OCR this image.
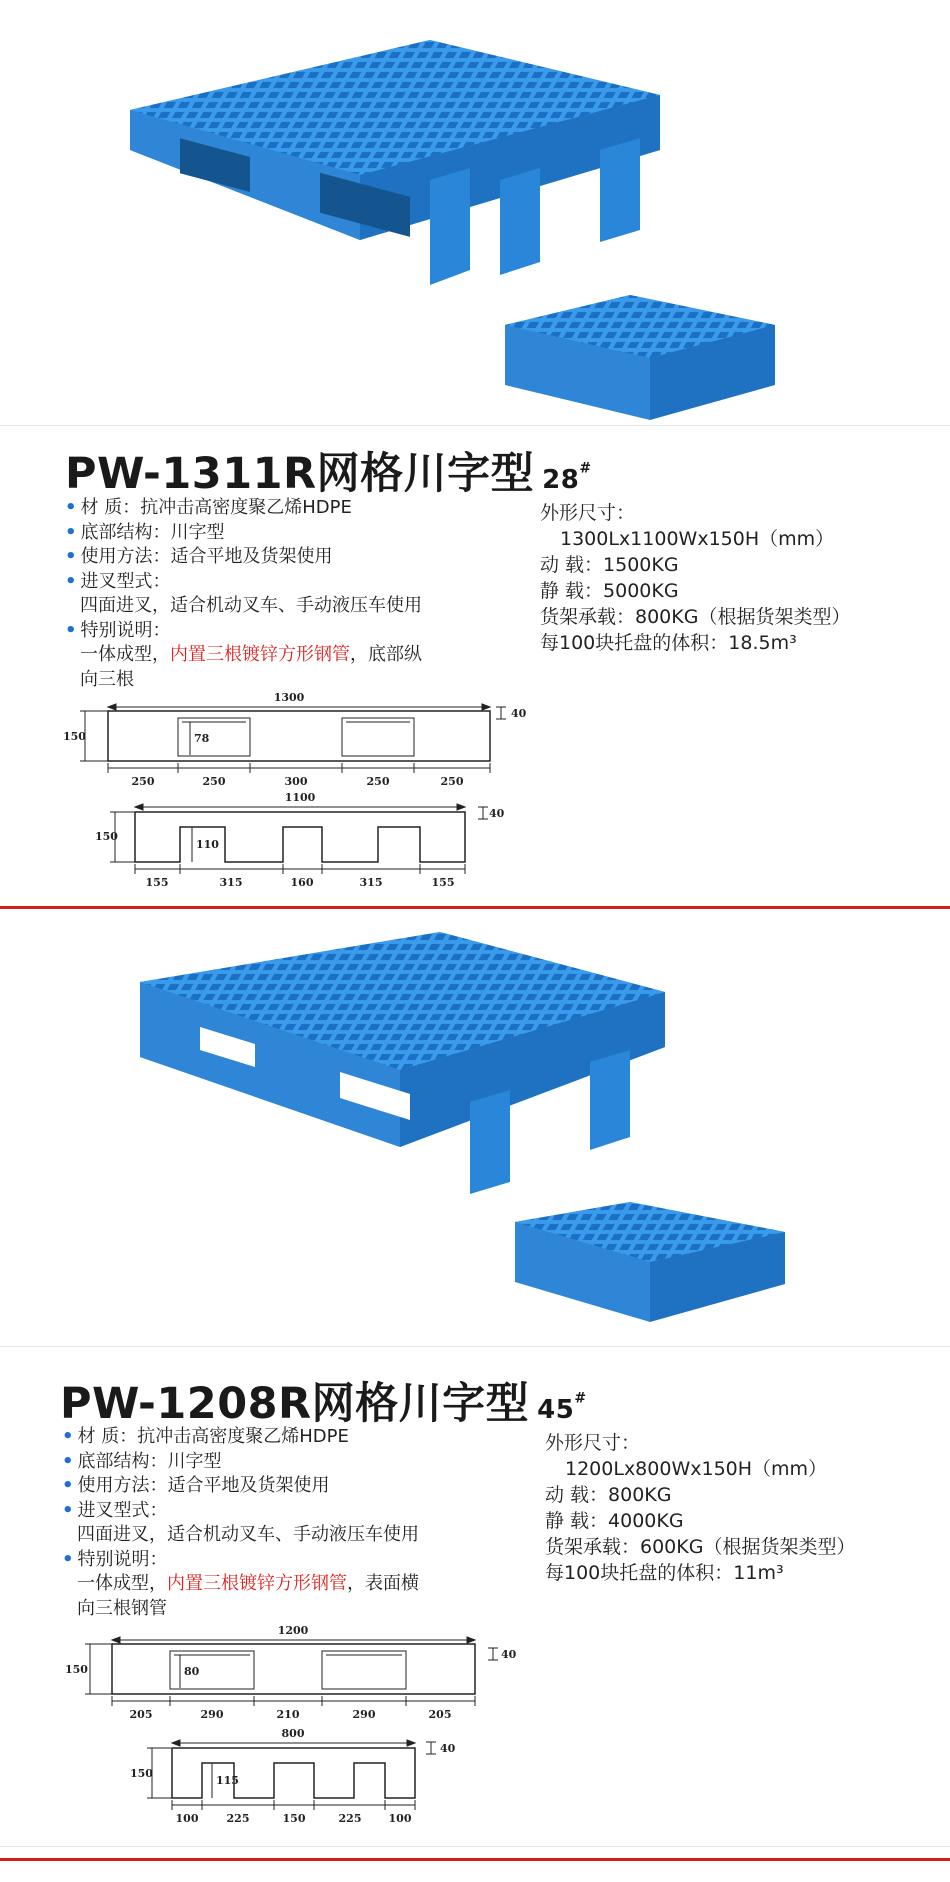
PW-1311R网格川字型 28#
• 材 质：抗冲击高密度聚乙烯HDPE
• 底部结构：川字型
• 使用方法：适合平地及货架使用
• 进叉型式：
四面进叉，适合机动叉车、手动液压车使用
• 特别说明：
一体成型，内置三根镀锌方形钢管，底部纵
向三根
外形尺寸：
1300Lx1100Wx150H（mm）
动 载：1500KG
静 载：5000KG
货架承载：800KG（根据货架类型）
每100块托盘的体积：18.5m³
1300
150	78
40
250	250	300	250	250
1100
150
110
40
155	315	160	315	155
PW-1208R网格川字型 45#
• 材 质：抗冲击高密度聚乙烯HDPE
• 底部结构：川字型
• 使用方法：适合平地及货架使用
• 进叉型式：
四面进叉，适合机动叉车、手动液压车使用
• 特别说明：
一体成型，内置三根镀锌方形钢管，表面横
向三根钢管
外形尺寸：
1200Lx800Wx150H（mm）
动 载：800KG
静 载：4000KG
货架承载：600KG（根据货架类型）
每100块托盘的体积：11m³
1200
150	80
40
205	290	210	290	205
800
150
115
40
100	225	150	225 100
